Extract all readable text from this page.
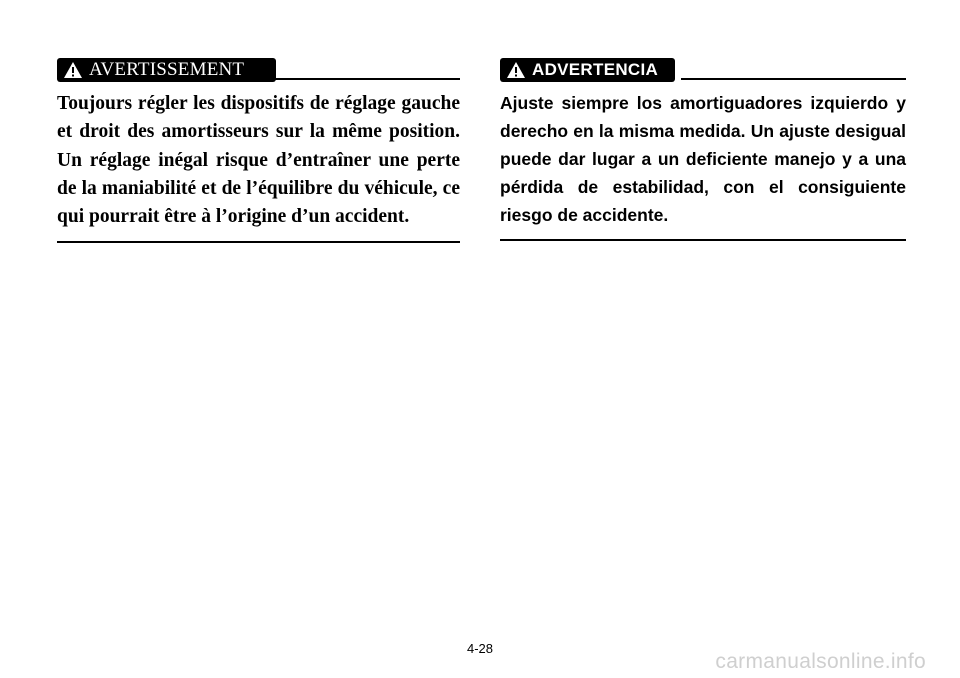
AVERTISSEMENT
Toujours régler les dispositifs de réglage gauche et droit des amortisseurs sur la même position. Un réglage inégal risque d’entraîner une perte de la maniabilité et de l’équilibre du véhicule, ce qui pourrait être à l’origine d’un accident.
ADVERTENCIA
Ajuste siempre los amortiguadores izquierdo y derecho en la misma medida. Un ajuste desigual puede dar lugar a un deficiente manejo y a una pérdida de estabilidad, con el consiguiente riesgo de accidente.
4-28
carmanualsonline.info
